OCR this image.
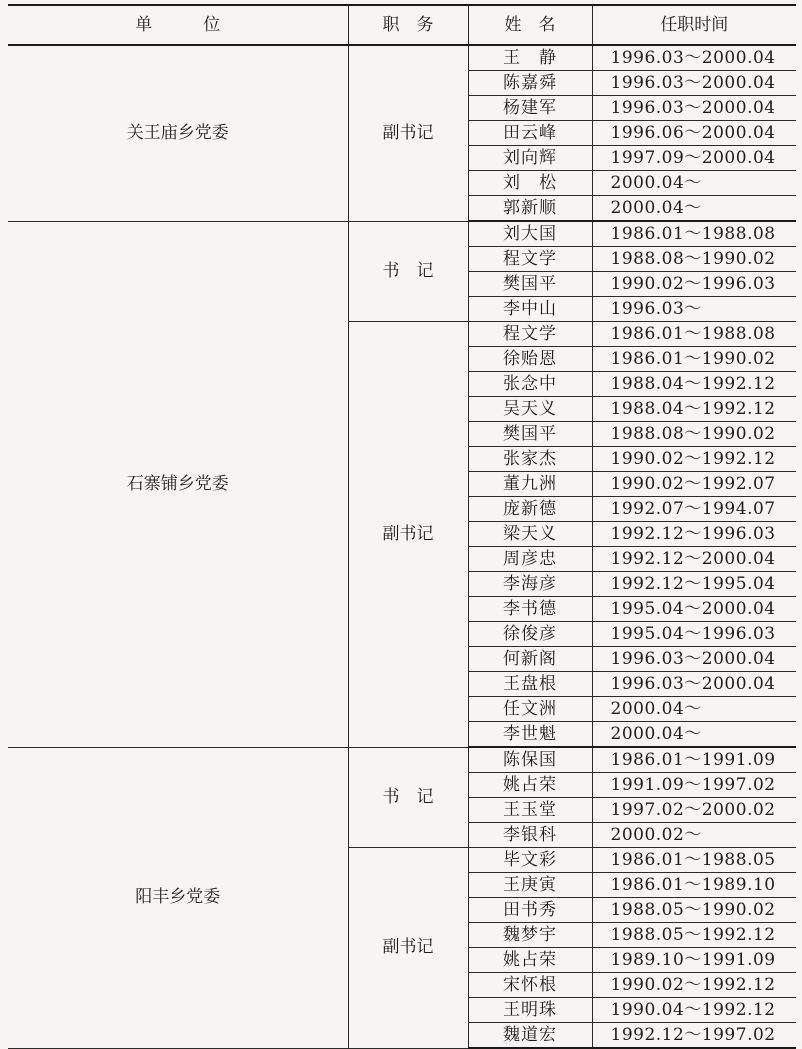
单　　　位	职　务	姓　名	任职时间
关王庙乡党委	副书记	王　静	1996.03～2000.04
		陈嘉舜	1996.03～2000.04
		杨建军	1996.03～2000.04
		田云峰	1996.06～2000.04
		刘向辉	1997.09～2000.04
		刘　松	2000.04～
		郭新顺	2000.04～
石寨铺乡党委	书　记	刘大国	1986.01～1988.08
		程文学	1988.08～1990.02
		樊国平	1990.02～1996.03
		李中山	1996.03～
	副书记	程文学	1986.01～1988.08
		徐贻恩	1986.01～1990.02
		张念中	1988.04～1992.12
		吴天义	1988.04～1992.12
		樊国平	1988.08～1990.02
		张家杰	1990.02～1992.12
		董九洲	1990.02～1992.07
		庞新德	1992.07～1994.07
		梁天义	1992.12～1996.03
		周彦忠	1992.12～2000.04
		李海彦	1992.12～1995.04
		李书德	1995.04～2000.04
		徐俊彦	1995.04～1996.03
		何新阁	1996.03～2000.04
		王盘根	1996.03～2000.04
		任文洲	2000.04～
		李世魁	2000.04～
阳丰乡党委	书　记	陈保国	1986.01～1991.09
		姚占荣	1991.09～1997.02
		王玉堂	1997.02～2000.02
		李银科	2000.02～
	副书记	毕文彩	1986.01～1988.05
		王庚寅	1986.01～1989.10
		田书秀	1988.05～1990.02
		魏梦宇	1988.05～1992.12
		姚占荣	1989.10～1991.09
		宋怀根	1990.02～1992.12
		王明珠	1990.04～1992.12
		魏道宏	1992.12～1997.02
